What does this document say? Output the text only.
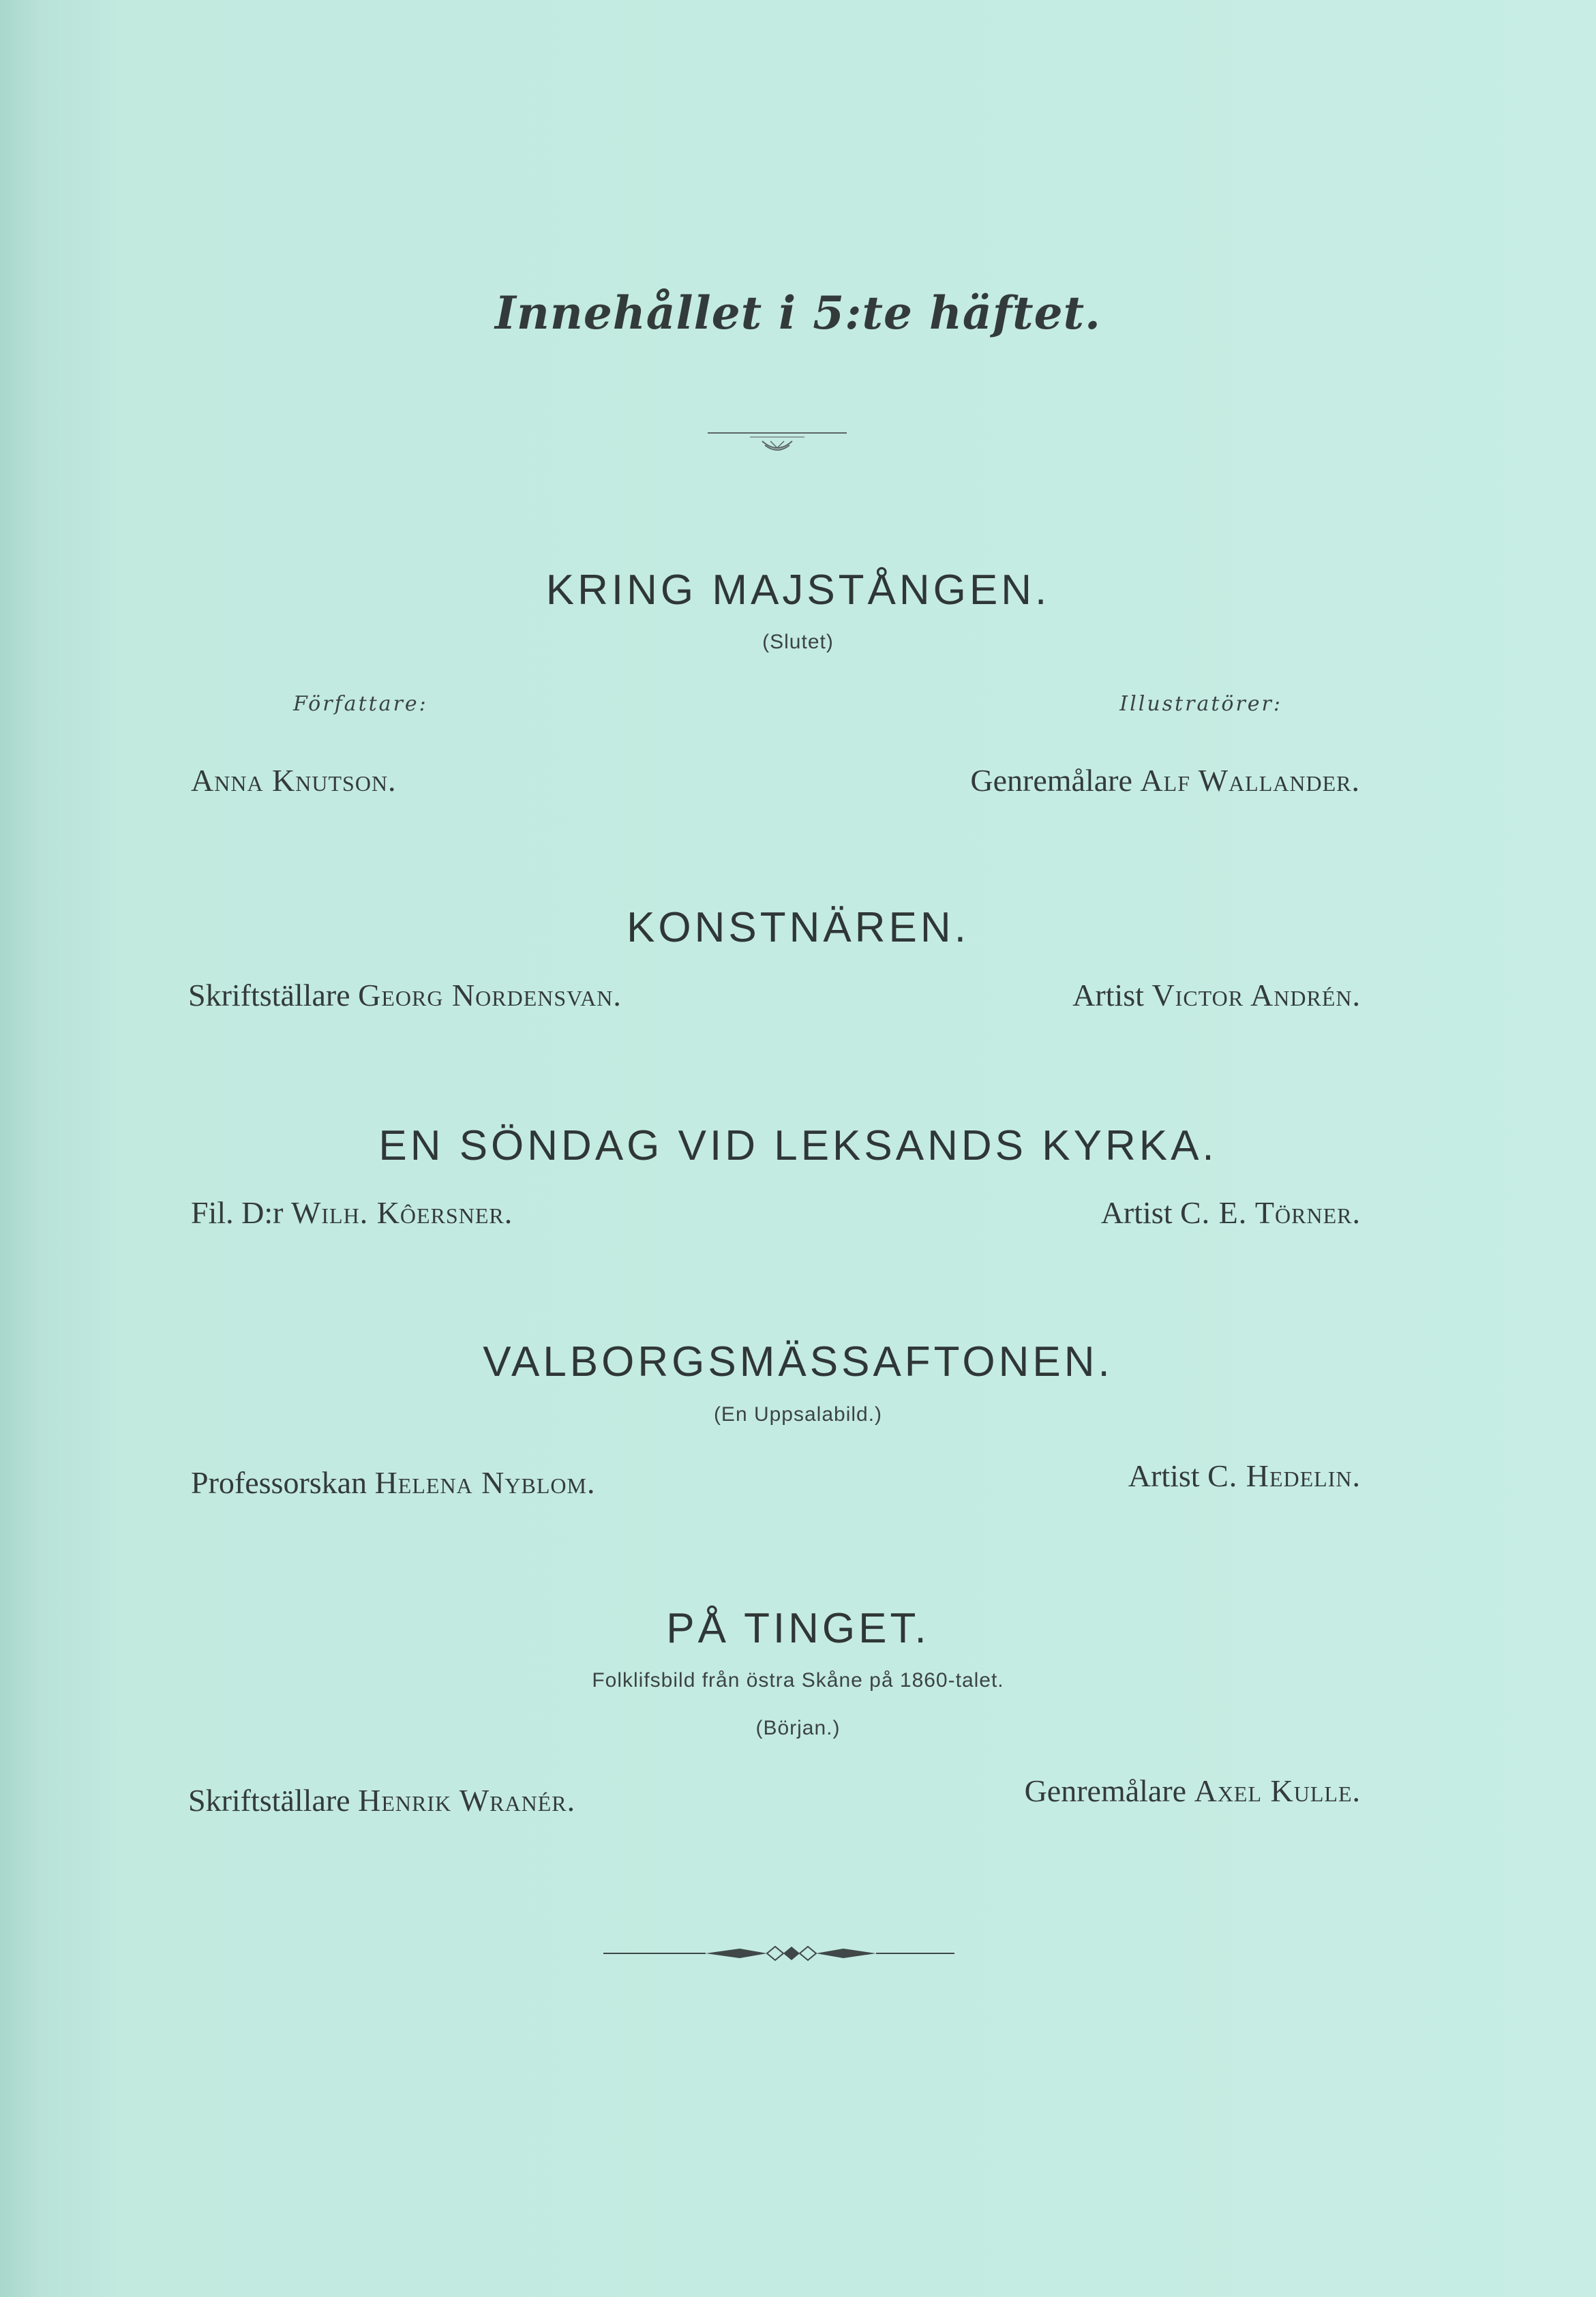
Innehållet i 5:te häftet.
KRING MAJSTÅNGEN.
(Slutet)
Författare:	Illustratörer:
Anna Knutson.	Genremålare Alf Wallander.
KONSTNÄREN.
Skriftställare Georg Nordensvan.	Artist Victor Andrén.
EN SÖNDAG VID LEKSANDS KYRKA.
Fil. D:r Wilh. Kôersner.	Artist C. E. Törner.
VALBORGSMÄSSAFTONEN.
(En Uppsalabild.)
Professorskan Helena Nyblom.	Artist C. Hedelin.
PÅ TINGET.
Folklifsbild från östra Skåne på 1860-talet.
(Början.)
Skriftställare Henrik Wranér.	Genremålare Axel Kulle.
